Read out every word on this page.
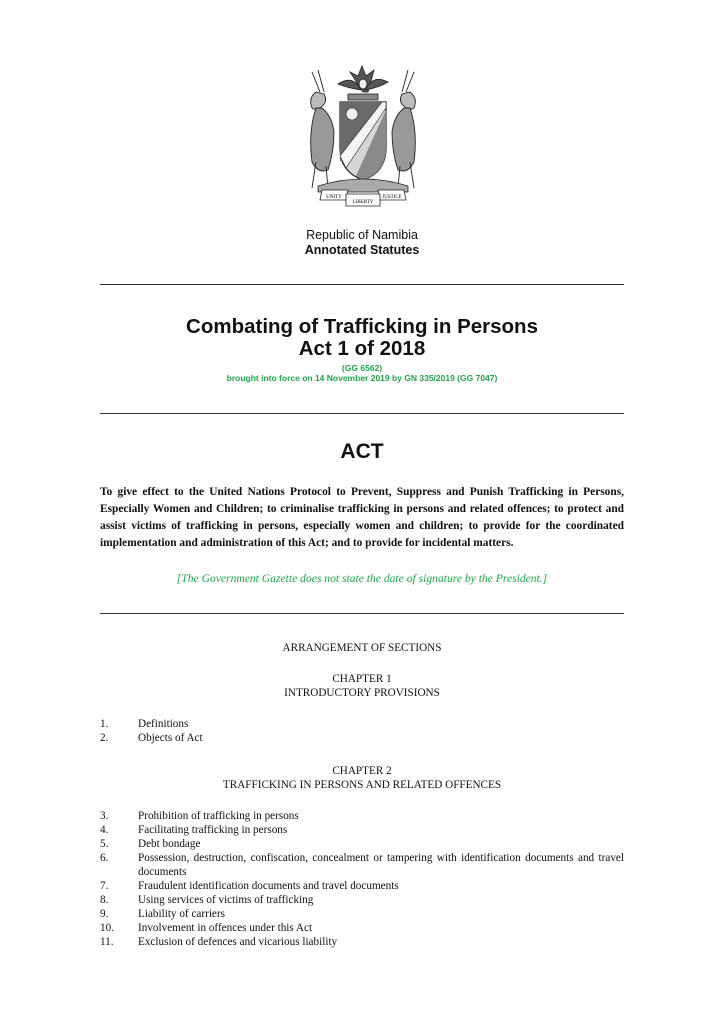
UNITY	JUSTICE
LIBERTY
Republic of Namibia
Annotated Statutes
Combating of Trafficking in Persons
Act 1 of 2018
(GG 6562)
brought into force on 14 November 2019 by GN 335/2019 (GG 7047)
ACT
To give effect to the United Nations Protocol to Prevent, Suppress and Punish Trafficking in Persons, Especially Women and Children; to criminalise trafficking in persons and related offences; to protect and assist victims of trafficking in persons, especially women and children; to provide for the coordinated implementation and administration of this Act; and to provide for incidental matters.
[The Government Gazette does not state the date of signature by the President.]
ARRANGEMENT OF SECTIONS
CHAPTER 1
INTRODUCTORY PROVISIONS
1.	Definitions
2.	Objects of Act
CHAPTER 2
TRAFFICKING IN PERSONS AND RELATED OFFENCES
3.	Prohibition of trafficking in persons
4.	Facilitating trafficking in persons
5.	Debt bondage
6.	Possession, destruction, confiscation, concealment or tampering with identification documents and travel documents
7.	Fraudulent identification documents and travel documents
8.	Using services of victims of trafficking
9.	Liability of carriers
10.	Involvement in offences under this Act
11.	Exclusion of defences and vicarious liability
